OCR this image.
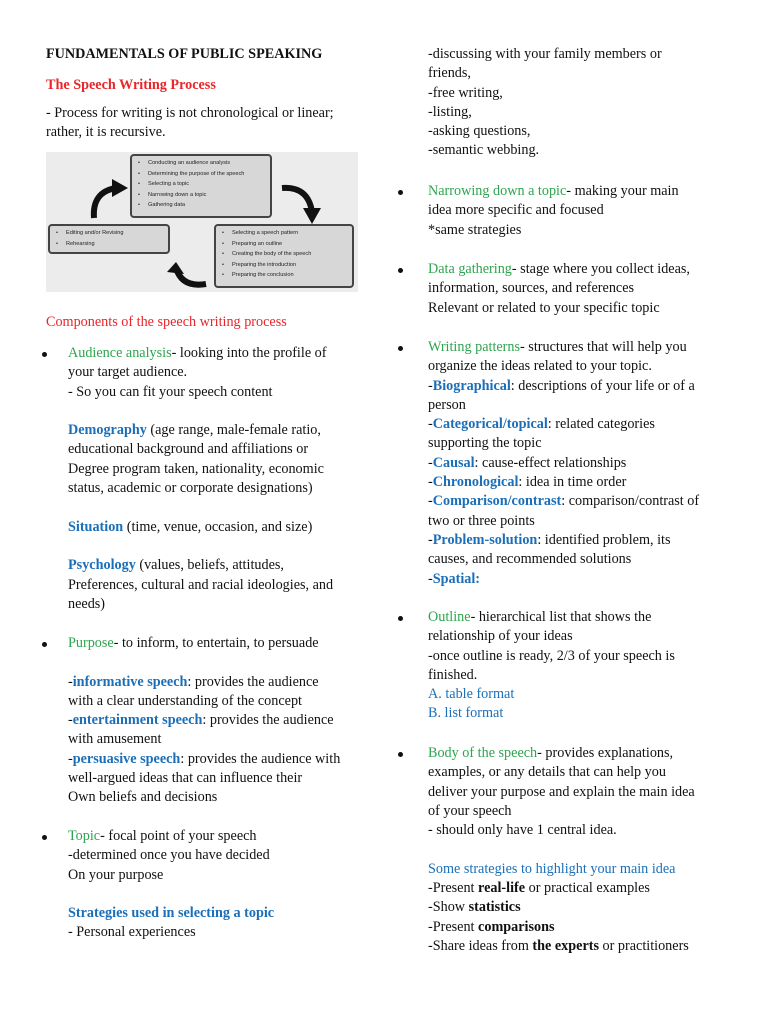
FUNDAMENTALS OF PUBLIC SPEAKING
The Speech Writing Process
- Process for writing is not chronological or linear;
rather, it is recursive.
Components of the speech writing process
Audience analysis- looking into the profile of
your target audience.
- So you can fit your speech content
Demography (age range, male-female ratio,
educational background and affiliations or
Degree program taken, nationality, economic
status, academic or corporate designations)
Situation (time, venue, occasion, and size)
Psychology (values, beliefs, attitudes,
Preferences, cultural and racial ideologies, and
needs)
Purpose- to inform, to entertain, to persuade
-informative speech: provides the audience
with a clear understanding of the concept
-entertainment speech: provides the audience
with amusement
-persuasive speech: provides the audience with
well-argued ideas that can influence their
Own beliefs and decisions
Topic- focal point of your speech
-determined once you have decided
On your purpose
Strategies used in selecting a topic
- Personal experiences
• Conducting an audience analysis
• Determining the purpose of the speech
• Selecting a topic
• Narrowing down a topic
• Gathering data
• Editing and/or Revising
• Rehearsing
• Selecting a speech pattern
• Preparing an outline
• Creating the body of the speech
• Preparing the introduction
• Preparing the conclusion
-discussing with your family members or
friends,
-free writing,
-listing,
-asking questions,
-semantic webbing.
Narrowing down a topic- making your main
idea more specific and focused
*same strategies
Data gathering- stage where you collect ideas,
information, sources, and references
Relevant or related to your specific topic
Writing patterns- structures that will help you
organize the ideas related to your topic.
-Biographical: descriptions of your life or of a
person
-Categorical/topical: related categories
supporting the topic
-Causal: cause-effect relationships
-Chronological: idea in time order
-Comparison/contrast: comparison/contrast of
two or three points
-Problem-solution: identified problem, its
causes, and recommended solutions
-Spatial:
Outline- hierarchical list that shows the
relationship of your ideas
-once outline is ready, 2/3 of your speech is
finished.
A. table format
B. list format
Body of the speech- provides explanations,
examples, or any details that can help you
deliver your purpose and explain the main idea
of your speech
- should only have 1 central idea.
Some strategies to highlight your main idea
-Present real-life or practical examples
-Show statistics
-Present comparisons
-Share ideas from the experts or practitioners
